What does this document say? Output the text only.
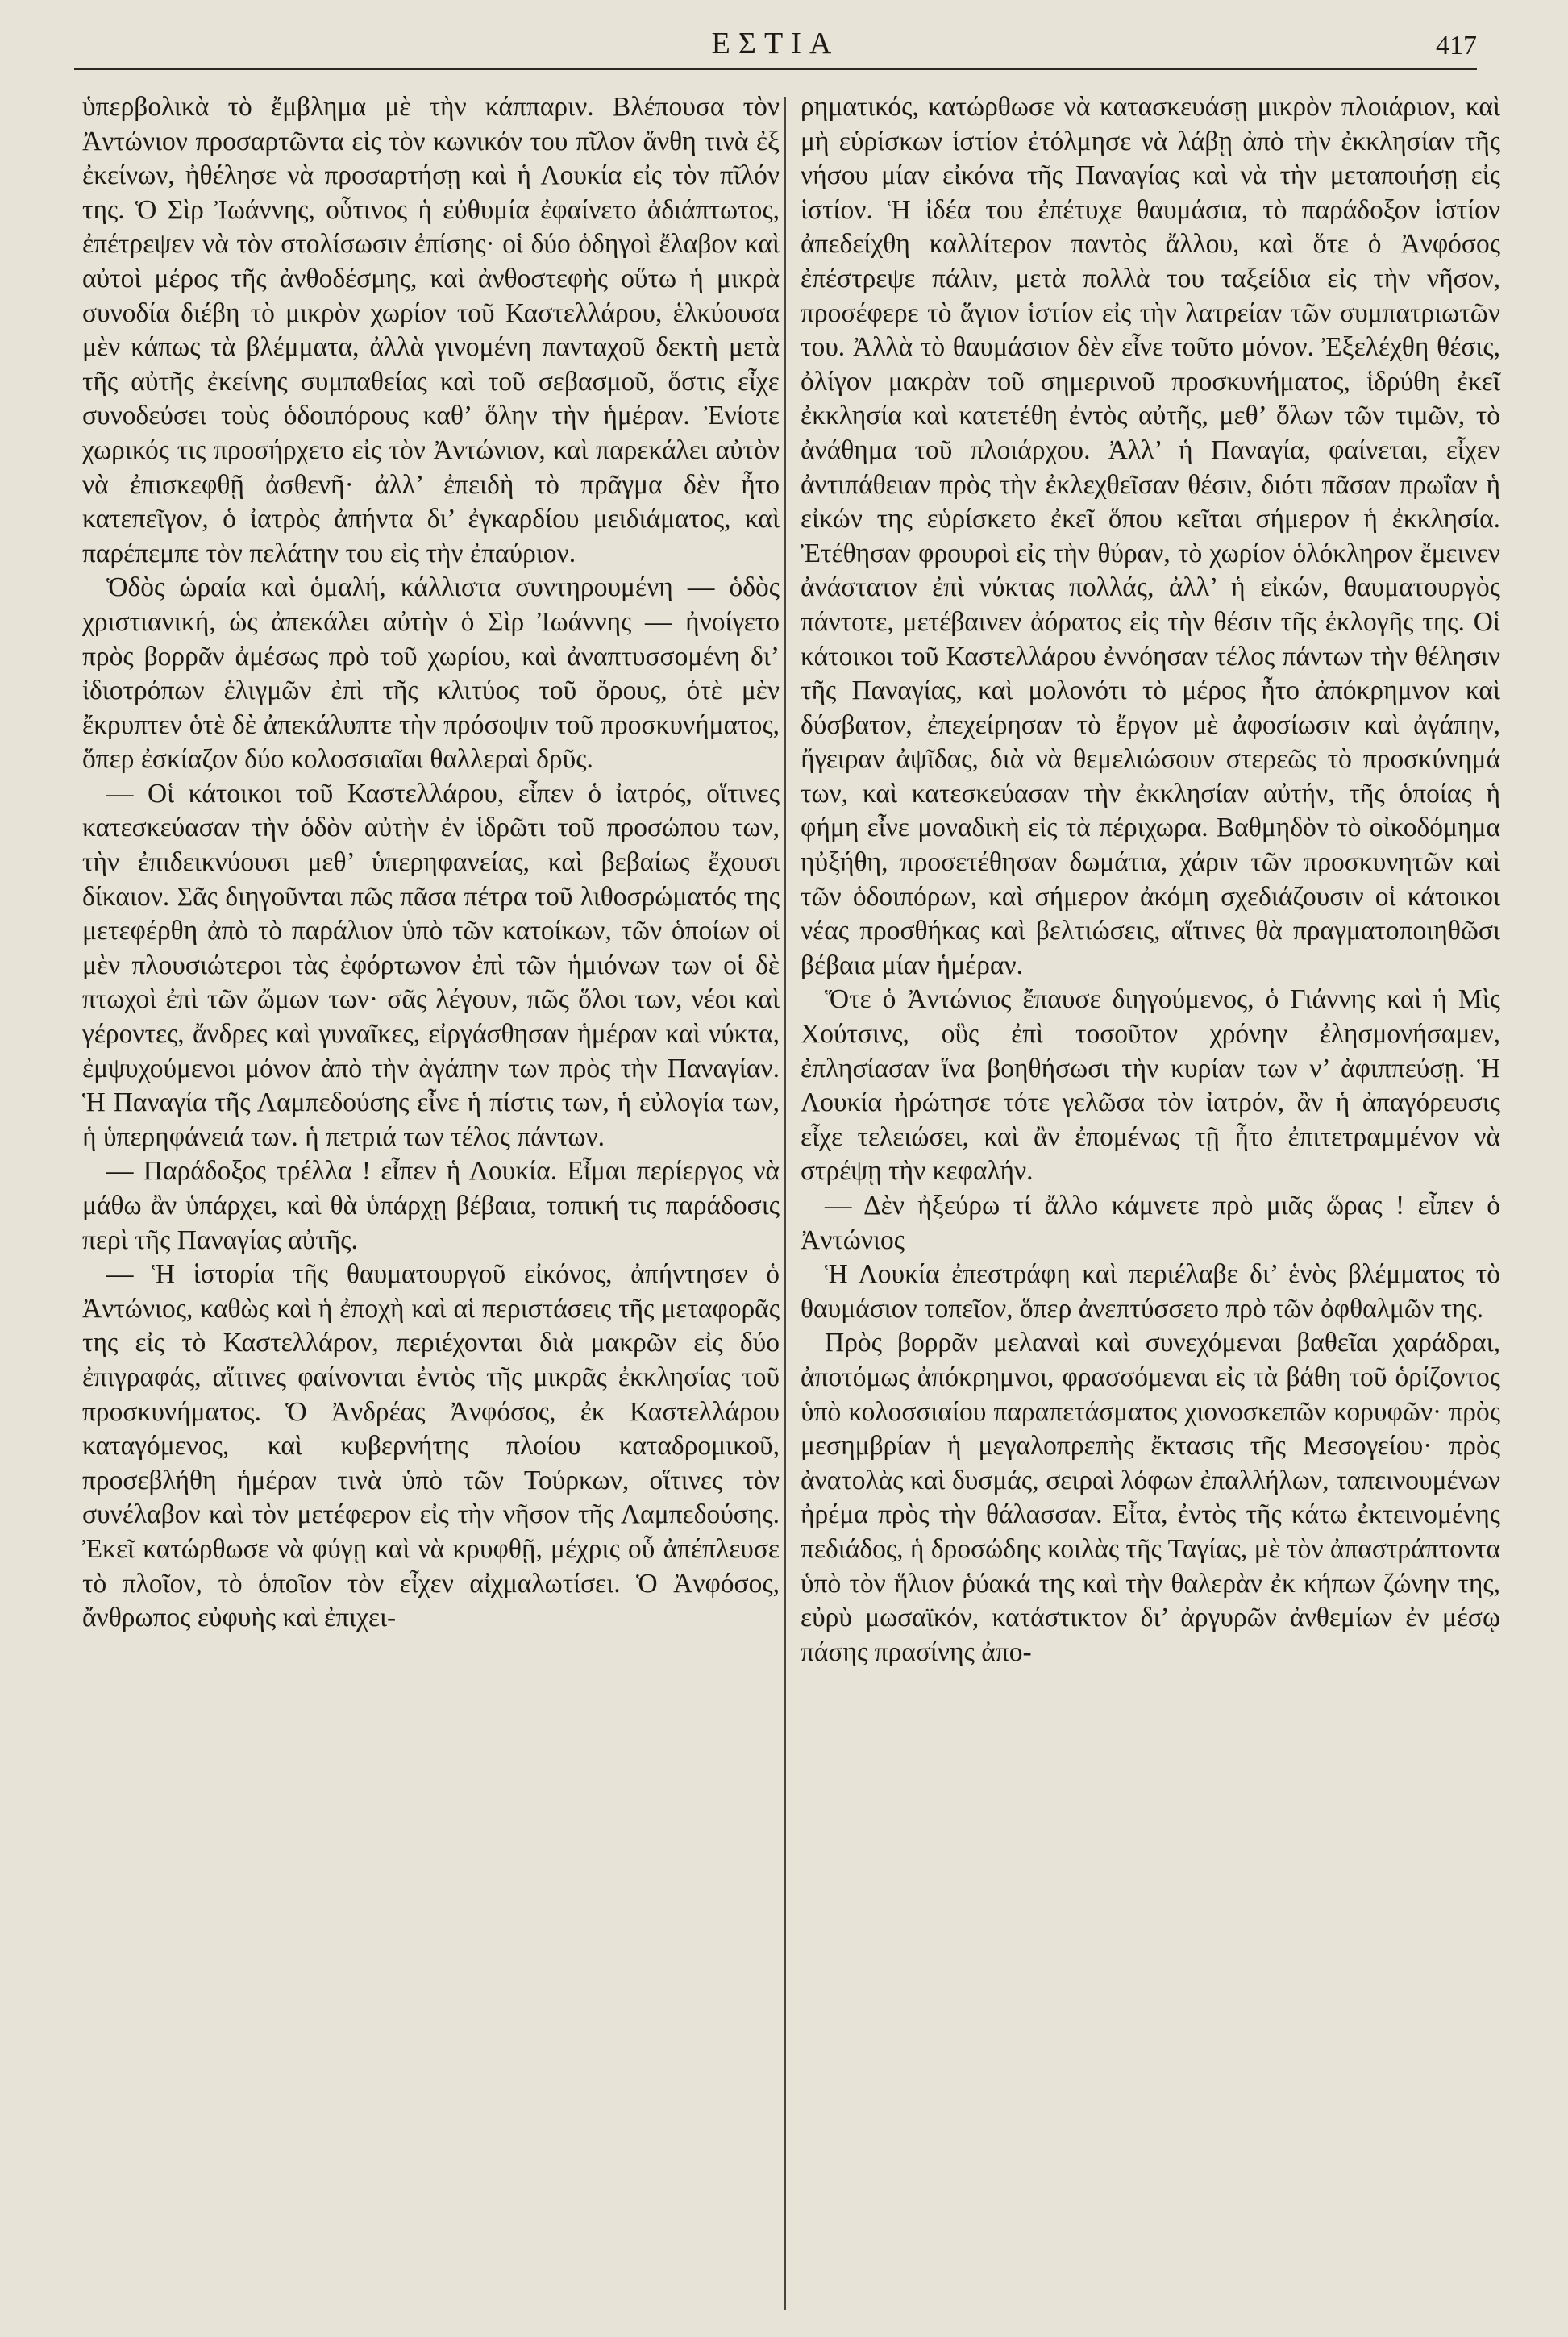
ΕΣΤΙΑ	417

ὑπερβολικὰ τὸ ἔμβλημα μὲ τὴν κάππαριν. Βλέπουσα τὸν Ἀντώνιον προσαρτῶντα εἰς τὸν κωνικόν του πῖλον ἄνθη τινὰ ἐξ ἐκείνων, ἠθέλησε νὰ προσαρτήσῃ καὶ ἡ Λουκία εἰς τὸν πῖλόν της. Ὁ Σὶρ Ἰωάννης, οὗτινος ἡ εὐθυμία ἐφαίνετο ἀδιάπτωτος, ἐπέτρεψεν νὰ τὸν στολίσωσιν ἐπίσης· οἱ δύο ὁδηγοὶ ἔλαβον καὶ αὐτοὶ μέρος τῆς ἀνθοδέσμης, καὶ ἀνθοστεφὴς οὕτω ἡ μικρὰ συνοδία διέβη τὸ μικρὸν χωρίον τοῦ Καστελλάρου, ἑλκύουσα μὲν κάπως τὰ βλέμματα, ἀλλὰ γινομένη πανταχοῦ δεκτὴ μετὰ τῆς αὐτῆς ἐκείνης συμπαθείας καὶ τοῦ σεβασμοῦ, ὅστις εἶχε συνοδεύσει τοὺς ὁδοιπόρους καθ’ ὅλην τὴν ἡμέραν. Ἐνίοτε χωρικός τις προσήρχετο εἰς τὸν Ἀντώνιον, καὶ παρεκάλει αὐτὸν νὰ ἐπισκεφθῇ ἀσθενῆ· ἀλλ’ ἐπειδὴ τὸ πρᾶγμα δὲν ἦτο κατεπεῖγον, ὁ ἰατρὸς ἀπήντα δι’ ἐγκαρδίου μειδιάματος, καὶ παρέπεμπε τὸν πελάτην του εἰς τὴν ἐπαύριον.

Ὁδὸς ὡραία καὶ ὁμαλή, κάλλιστα συντηρουμένη — ὁδὸς χριστιανική, ὡς ἀπεκάλει αὐτὴν ὁ Σὶρ Ἰωάννης — ἠνοίγετο πρὸς βορρᾶν ἀμέσως πρὸ τοῦ χωρίου, καὶ ἀναπτυσσομένη δι’ ἰδιοτρόπων ἑλιγμῶν ἐπὶ τῆς κλιτύος τοῦ ὄρους, ὁτὲ μὲν ἔκρυπτεν ὁτὲ δὲ ἀπεκάλυπτε τὴν πρόσοψιν τοῦ προσκυνήματος, ὅπερ ἐσκίαζον δύο κολοσσιαῖαι θαλλεραὶ δρῦς.

— Οἱ κάτοικοι τοῦ Καστελλάρου, εἶπεν ὁ ἰατρός, οἵτινες κατεσκεύασαν τὴν ὁδὸν αὐτὴν ἐν ἱδρῶτι τοῦ προσώπου των, τὴν ἐπιδεικνύουσι μεθ’ ὑπερηφανείας, καὶ βεβαίως ἔχουσι δίκαιον. Σᾶς διηγοῦνται πῶς πᾶσα πέτρα τοῦ λιθοσρώματός της μετεφέρθη ἀπὸ τὸ παράλιον ὑπὸ τῶν κατοίκων, τῶν ὁποίων οἱ μὲν πλουσιώτεροι τὰς ἐφόρτωνον ἐπὶ τῶν ἡμιόνων των οἱ δὲ πτωχοὶ ἐπὶ τῶν ὤμων των· σᾶς λέγουν, πῶς ὅλοι των, νέοι καὶ γέροντες, ἄνδρες καὶ γυναῖκες, εἰργάσθησαν ἡμέραν καὶ νύκτα, ἐμψυχούμενοι μόνον ἀπὸ τὴν ἀγάπην των πρὸς τὴν Παναγίαν. Ἡ Παναγία τῆς Λαμπεδούσης εἶνε ἡ πίστις των, ἡ εὐλογία των, ἡ ὑπερηφάνειά των. ἡ πετριά των τέλος πάντων.

— Παράδοξος τρέλλα ! εἶπεν ἡ Λουκία. Εἶμαι περίεργος νὰ μάθω ἂν ὑπάρχει, καὶ θὰ ὑπάρχῃ βέβαια, τοπική τις παράδοσις περὶ τῆς Παναγίας αὐτῆς.

— Ἡ ἱστορία τῆς θαυματουργοῦ εἰκόνος, ἀπήντησεν ὁ Ἀντώνιος, καθὼς καὶ ἡ ἐποχὴ καὶ αἱ περιστάσεις τῆς μεταφορᾶς της εἰς τὸ Καστελλάρον, περιέχονται διὰ μακρῶν εἰς δύο ἐπιγραφάς, αἵτινες φαίνονται ἐντὸς τῆς μικρᾶς ἐκκλησίας τοῦ προσκυνήματος. Ὁ Ἀνδρέας Ἀνφόσος, ἐκ Καστελλάρου καταγόμενος, καὶ κυβερνήτης πλοίου καταδρομικοῦ, προσεβλήθη ἡμέραν τινὰ ὑπὸ τῶν Τούρκων, οἵτινες τὸν συνέλαβον καὶ τὸν μετέφερον εἰς τὴν νῆσον τῆς Λαμπεδούσης. Ἐκεῖ κατώρθωσε νὰ φύγῃ καὶ νὰ κρυφθῇ, μέχρις οὗ ἀπέπλευσε τὸ πλοῖον, τὸ ὁποῖον τὸν εἶχεν αἰχμαλωτίσει. Ὁ Ἀνφόσος, ἄνθρωπος εὐφυὴς καὶ ἐπιχει-

ρηματικός, κατώρθωσε νὰ κατασκευάσῃ μικρὸν πλοιάριον, καὶ μὴ εὑρίσκων ἱστίον ἐτόλμησε νὰ λάβῃ ἀπὸ τὴν ἐκκλησίαν τῆς νήσου μίαν εἰκόνα τῆς Παναγίας καὶ νὰ τὴν μεταποιήσῃ εἰς ἱστίον. Ἡ ἰδέα του ἐπέτυχε θαυμάσια, τὸ παράδοξον ἱστίον ἀπεδείχθη καλλίτερον παντὸς ἄλλου, καὶ ὅτε ὁ Ἀνφόσος ἐπέστρεψε πάλιν, μετὰ πολλὰ του ταξείδια εἰς τὴν νῆσον, προσέφερε τὸ ἅγιον ἱστίον εἰς τὴν λατρείαν τῶν συμπατριωτῶν του. Ἀλλὰ τὸ θαυμάσιον δὲν εἶνε τοῦτο μόνον. Ἐξελέχθη θέσις, ὀλίγον μακρὰν τοῦ σημερινοῦ προσκυνήματος, ἱδρύθη ἐκεῖ ἐκκλησία καὶ κατετέθη ἐντὸς αὐτῆς, μεθ’ ὅλων τῶν τιμῶν, τὸ ἀνάθημα τοῦ πλοιάρχου. Ἀλλ’ ἡ Παναγία, φαίνεται, εἶχεν ἀντιπάθειαν πρὸς τὴν ἐκλεχθεῖσαν θέσιν, διότι πᾶσαν πρωΐαν ἡ εἰκών της εὑρίσκετο ἐκεῖ ὅπου κεῖται σήμερον ἡ ἐκκλησία. Ἐτέθησαν φρουροὶ εἰς τὴν θύραν, τὸ χωρίον ὁλόκληρον ἔμεινεν ἀνάστατον ἐπὶ νύκτας πολλάς, ἀλλ’ ἡ εἰκών, θαυματουργὸς πάντοτε, μετέβαινεν ἀόρατος εἰς τὴν θέσιν τῆς ἐκλογῆς της. Οἱ κάτοικοι τοῦ Καστελλάρου ἐννόησαν τέλος πάντων τὴν θέλησιν τῆς Παναγίας, καὶ μολονότι τὸ μέρος ἦτο ἀπόκρημνον καὶ δύσβατον, ἐπεχείρησαν τὸ ἔργον μὲ ἀφοσίωσιν καὶ ἀγάπην, ἤγειραν ἀψῖδας, διὰ νὰ θεμελιώσουν στερεῶς τὸ προσκύνημά των, καὶ κατεσκεύασαν τὴν ἐκκλησίαν αὐτήν, τῆς ὁποίας ἡ φήμη εἶνε μοναδικὴ εἰς τὰ πέριχωρα. Βαθμηδὸν τὸ οἰκοδόμημα ηὐξήθη, προσετέθησαν δωμάτια, χάριν τῶν προσκυνητῶν καὶ τῶν ὁδοιπόρων, καὶ σήμερον ἀκόμη σχεδιάζουσιν οἱ κάτοικοι νέας προσθήκας καὶ βελτιώσεις, αἵτινες θὰ πραγματοποιηθῶσι βέβαια μίαν ἡμέραν.

Ὅτε ὁ Ἀντώνιος ἔπαυσε διηγούμενος, ὁ Γιάννης καὶ ἡ Μὶς Χούτσινς, οὓς ἐπὶ τοσοῦτον χρόνην ἐλησμονήσαμεν, ἐπλησίασαν ἵνα βοηθήσωσι τὴν κυρίαν των ν’ ἀφιππεύσῃ. Ἡ Λουκία ἠρώτησε τότε γελῶσα τὸν ἰατρόν, ἂν ἡ ἀπαγόρευσις εἶχε τελειώσει, καὶ ἂν ἐπομένως τῇ ἦτο ἐπιτετραμμένον νὰ στρέψῃ τὴν κεφαλήν.

— Δὲν ἠξεύρω τί ἄλλο κάμνετε πρὸ μιᾶς ὥρας ! εἶπεν ὁ Ἀντώνιος

Ἡ Λουκία ἐπεστράφη καὶ περιέλαβε δι’ ἑνὸς βλέμματος τὸ θαυμάσιον τοπεῖον, ὅπερ ἀνεπτύσσετο πρὸ τῶν ὀφθαλμῶν της.

Πρὸς βορρᾶν μελαναὶ καὶ συνεχόμεναι βαθεῖαι χαράδραι, ἀποτόμως ἀπόκρημνοι, φρασσόμεναι εἰς τὰ βάθη τοῦ ὁρίζοντος ὑπὸ κολοσσιαίου παραπετάσματος χιονοσκεπῶν κορυφῶν· πρὸς μεσημβρίαν ἡ μεγαλοπρεπὴς ἔκτασις τῆς Μεσογείου· πρὸς ἀνατολὰς καὶ δυσμάς, σειραὶ λόφων ἐπαλλήλων, ταπεινουμένων ἠρέμα πρὸς τὴν θάλασσαν. Εἶτα, ἐντὸς τῆς κάτω ἐκτεινομένης πεδιάδος, ἡ δροσώδης κοιλὰς τῆς Ταγίας, μὲ τὸν ἀπαστράπτοντα ὑπὸ τὸν ἥλιον ῥύακά της καὶ τὴν θαλερὰν ἐκ κήπων ζώνην της, εὐρὺ μωσαϊκόν, κατάστικτον δι’ ἀργυρῶν ἀνθεμίων ἐν μέσῳ πάσης πρασίνης ἀπο-
